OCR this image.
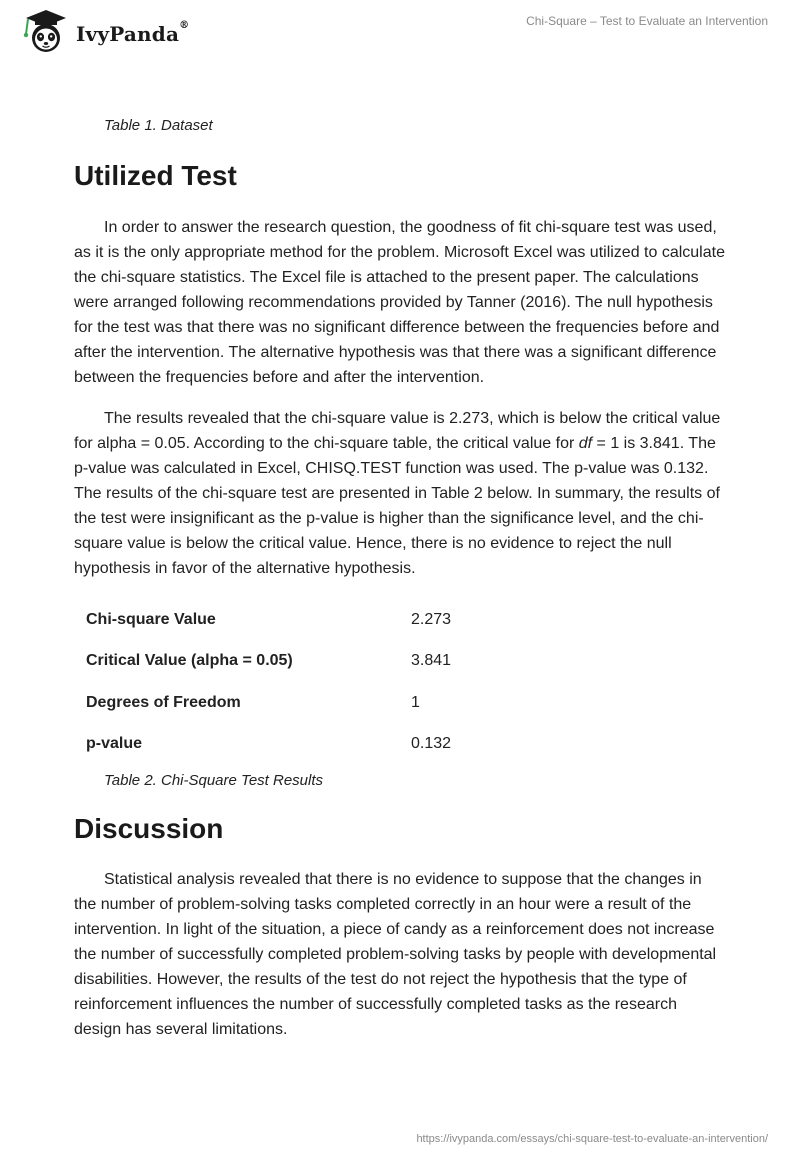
IvyPanda®	Chi-Square – Test to Evaluate an Intervention
Table 1. Dataset
Utilized Test

In order to answer the research question, the goodness of fit chi-square test was used, as it is the only appropriate method for the problem. Microsoft Excel was utilized to calculate the chi-square statistics. The Excel file is attached to the present paper. The calculations were arranged following recommendations provided by Tanner (2016). The null hypothesis for the test was that there was no significant difference between the frequencies before and after the intervention. The alternative hypothesis was that there was a significant difference between the frequencies before and after the intervention.

The results revealed that the chi-square value is 2.273, which is below the critical value for alpha = 0.05. According to the chi-square table, the critical value for df = 1 is 3.841. The p-value was calculated in Excel, CHISQ.TEST function was used. The p-value was 0.132. The results of the chi-square test are presented in Table 2 below. In summary, the results of the test were insignificant as the p-value is higher than the significance level, and the chi-square value is below the critical value. Hence, there is no evidence to reject the null hypothesis in favor of the alternative hypothesis.

Chi-square Value	2.273
Critical Value (alpha = 0.05)	3.841
Degrees of Freedom	1
p-value	0.132
Table 2. Chi-Square Test Results
Discussion

Statistical analysis revealed that there is no evidence to suppose that the changes in the number of problem-solving tasks completed correctly in an hour were a result of the intervention. In light of the situation, a piece of candy as a reinforcement does not increase the number of successfully completed problem-solving tasks by people with developmental disabilities. However, the results of the test do not reject the hypothesis that the type of reinforcement influences the number of successfully completed tasks as the research design has several limitations.

https://ivypanda.com/essays/chi-square-test-to-evaluate-an-intervention/
